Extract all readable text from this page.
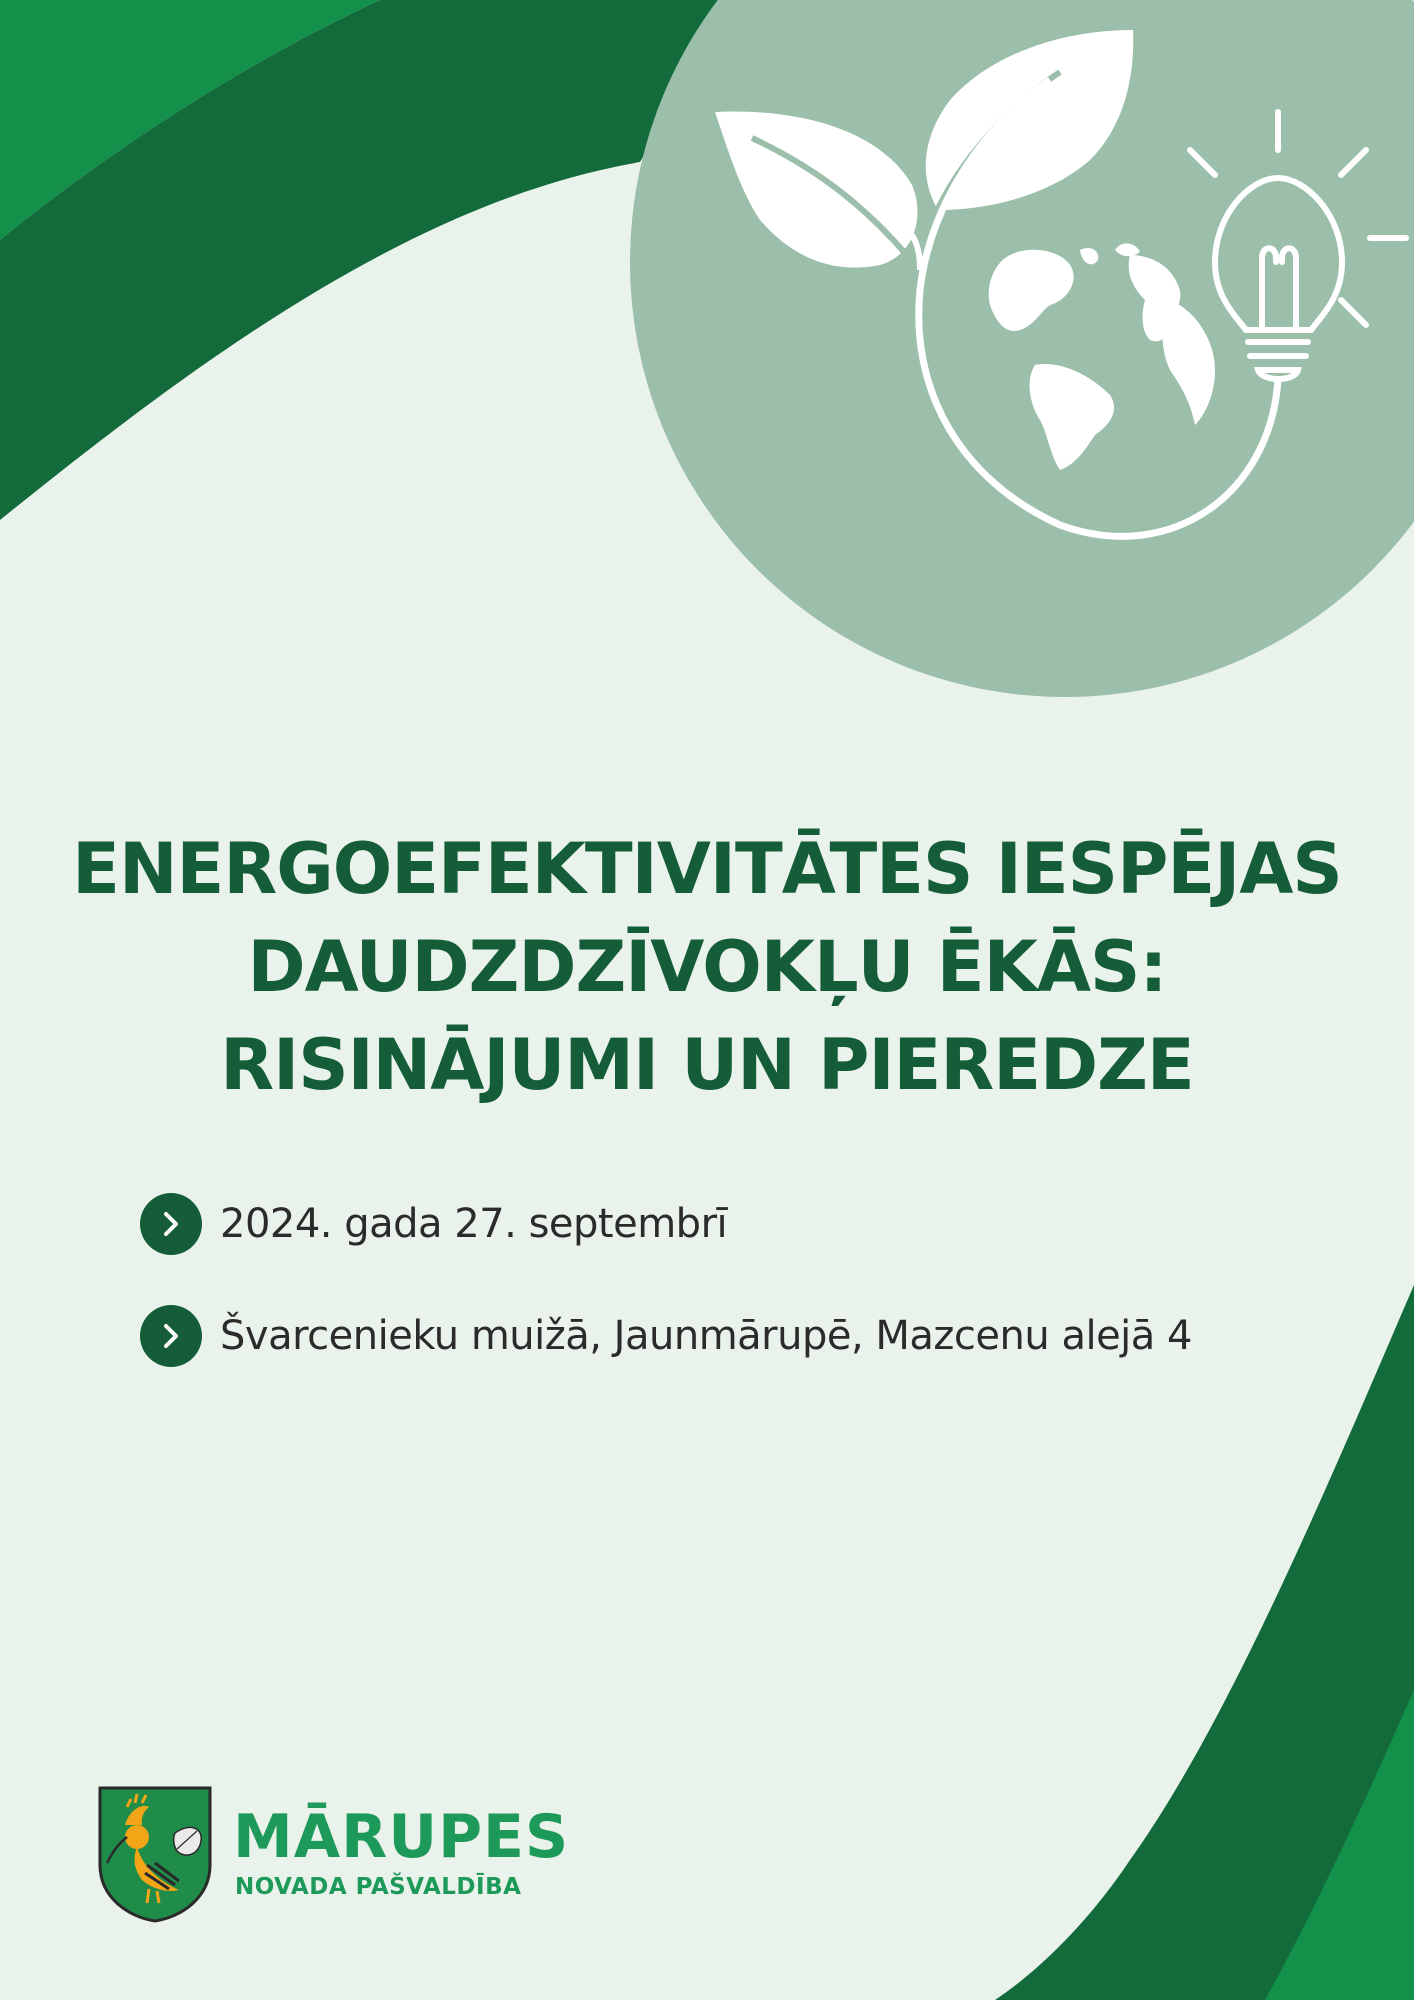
ENERGOEFEKTIVITĀTES IESPĒJAS
DAUDZDZĪVOKĻU ĒKĀS:
RISINĀJUMI UN PIEREDZE
2024. gada 27. septembrī
Švarcenieku muižā, Jaunmārupē, Mazcenu alejā 4
MĀRUPES
NOVADA PAŠVALDĪBA
